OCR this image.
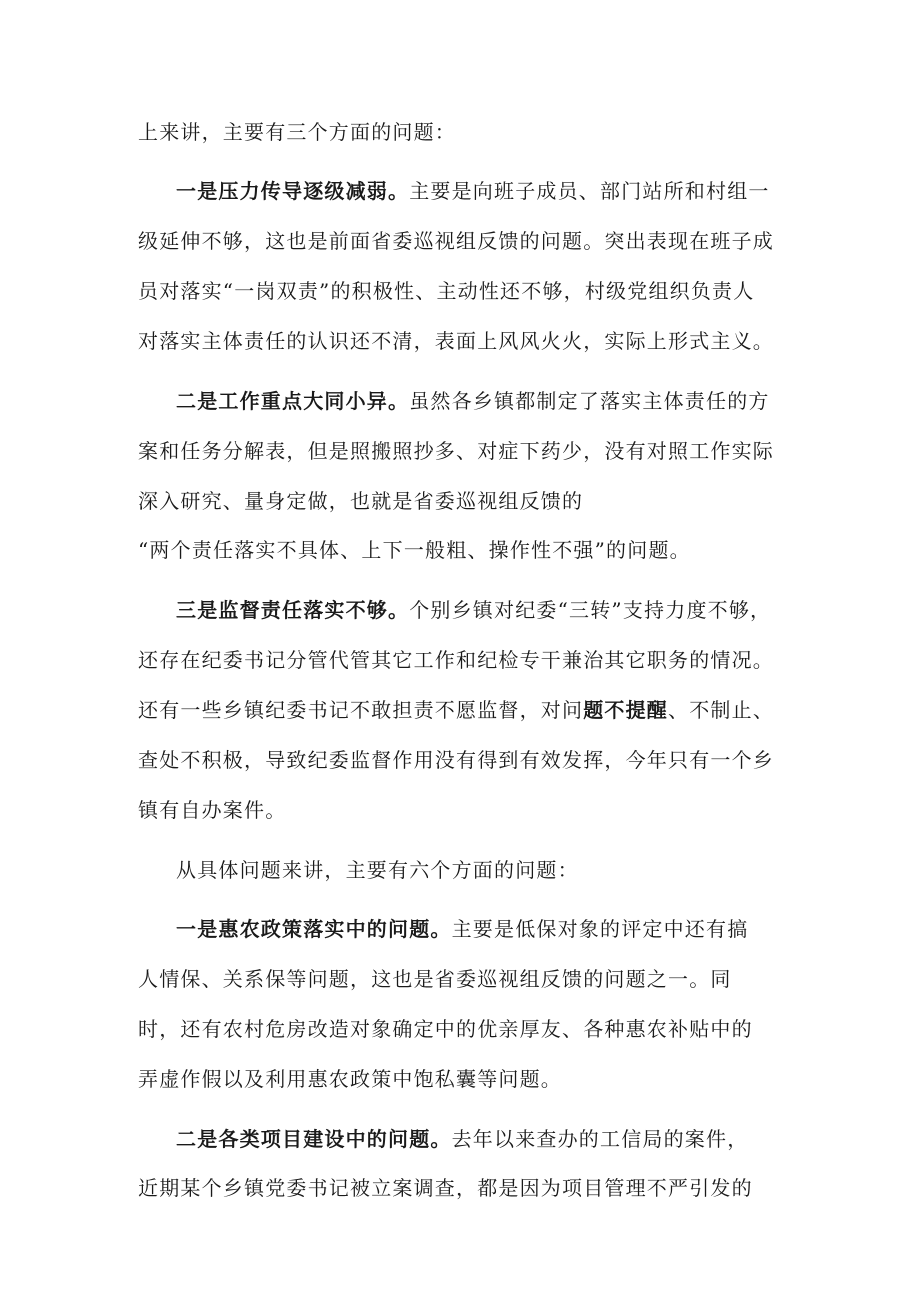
上来讲，主要有三个方面的问题：
一是压力传导逐级减弱。主要是向班子成员、部门站所和村组一
级延伸不够，这也是前面省委巡视组反馈的问题。突出表现在班子成
员对落实“一岗双责”的积极性、主动性还不够，村级党组织负责人
对落实主体责任的认识还不清，表面上风风火火，实际上形式主义。
二是工作重点大同小异。虽然各乡镇都制定了落实主体责任的方
案和任务分解表，但是照搬照抄多、对症下药少，没有对照工作实际
深入研究、量身定做，也就是省委巡视组反馈的
“两个责任落实不具体、上下一般粗、操作性不强”的问题。
三是监督责任落实不够。个别乡镇对纪委“三转”支持力度不够，
还存在纪委书记分管代管其它工作和纪检专干兼治其它职务的情况。
还有一些乡镇纪委书记不敢担责不愿监督，对问题不提醒、不制止、
查处不积极，导致纪委监督作用没有得到有效发挥，今年只有一个乡
镇有自办案件。
从具体问题来讲，主要有六个方面的问题：
一是惠农政策落实中的问题。主要是低保对象的评定中还有搞
人情保、关系保等问题，这也是省委巡视组反馈的问题之一。同
时，还有农村危房改造对象确定中的优亲厚友、各种惠农补贴中的
弄虚作假以及利用惠农政策中饱私囊等问题。
二是各类项目建设中的问题。去年以来查办的工信局的案件，
近期某个乡镇党委书记被立案调查，都是因为项目管理不严引发的
